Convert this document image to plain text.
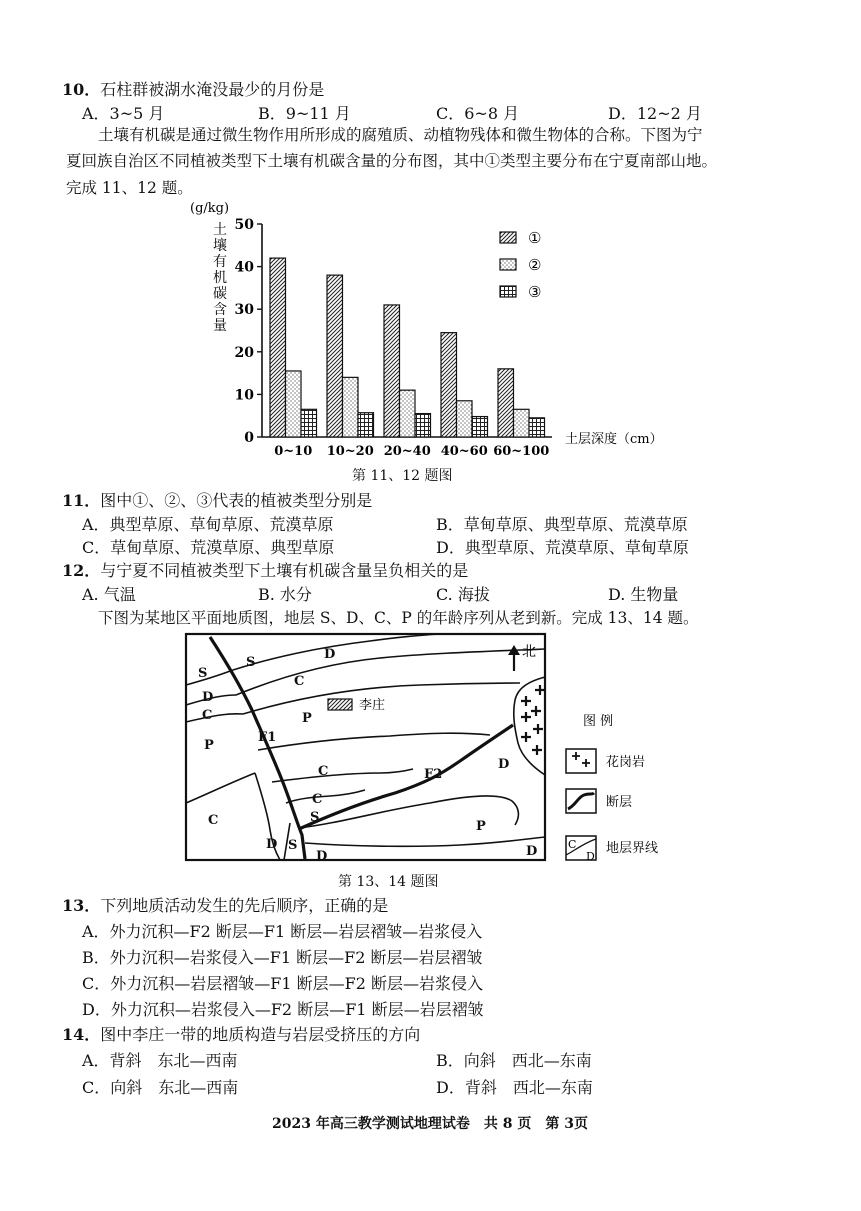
10．石柱群被湖水淹没最少的月份是
A．3~5 月	B．9~11 月	C．6~8 月	D．12~2 月
土壤有机碳是通过微生物作用所形成的腐殖质、动植物残体和微生物体的合称。下图为宁
夏回族自治区不同植被类型下土壤有机碳含量的分布图，其中①类型主要分布在宁夏南部山地。
完成 11、12 题。
0
10
20
30
40
50
(g/kg)
土
壤
有
机
碳
含
量
土层深度（cm）
0~10 10~20 20~40 40~60 60~100
①
②
③
第 11、12 题图
11．图中①、②、③代表的植被类型分别是
A．典型草原、草甸草原、荒漠草原	B．草甸草原、典型草原、荒漠草原
C．草甸草原、荒漠草原、典型草原	D．典型草原、荒漠草原、草甸草原
12．与宁夏不同植被类型下土壤有机碳含量呈负相关的是
A. 气温	B. 水分	C. 海拔	D. 生物量
下图为某地区平面地质图，地层 S、D、C、P 的年龄序列从老到新。完成 13、14 题。
S
S
D
D
C
C
P
P
C	D
S
C	P
D	D
S
D
C
F1
F2
李庄
北
图 例
花岗岩
断层
地层界线
C
D
第 13、14 题图
13．下列地质活动发生的先后顺序，正确的是
A．外力沉积—F2 断层—F1 断层—岩层褶皱—岩浆侵入
B．外力沉积—岩浆侵入—F1 断层—F2 断层—岩层褶皱
C．外力沉积—岩层褶皱—F1 断层—F2 断层—岩浆侵入
D．外力沉积—岩浆侵入—F2 断层—F1 断层—岩层褶皱
14．图中李庄一带的地质构造与岩层受挤压的方向
A．背斜　东北—西南	B．向斜　西北—东南
C．向斜　东北—西南	D．背斜　西北—东南
2023 年高三教学测试地理试卷　共 8 页　第 3页
